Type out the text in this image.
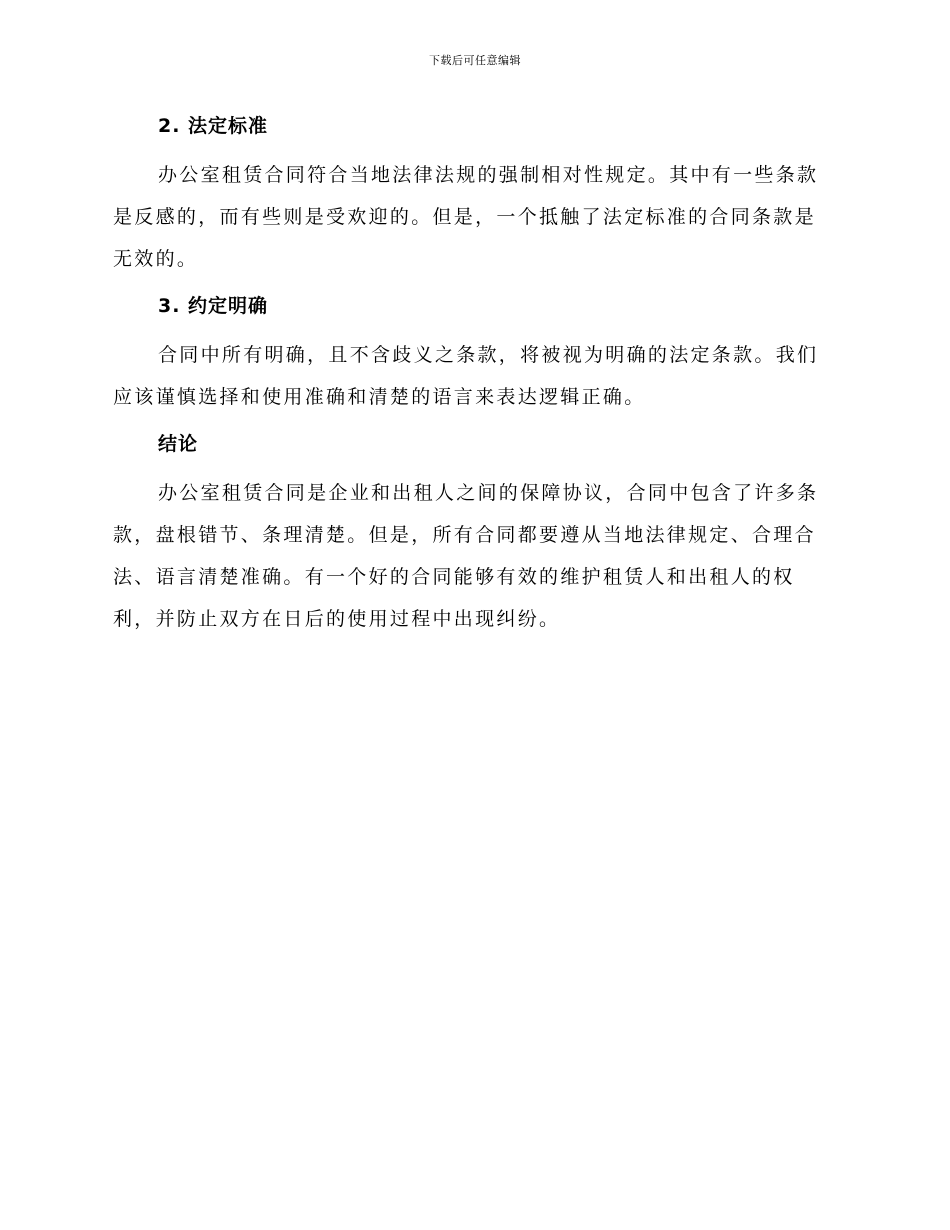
下载后可任意编辑
2. 法定标准
办公室租赁合同符合当地法律法规的强制相对性规定。其中有一些条款
是反感的，而有些则是受欢迎的。但是，一个抵触了法定标准的合同条款是
无效的。
3. 约定明确
合同中所有明确，且不含歧义之条款，将被视为明确的法定条款。我们
应该谨慎选择和使用准确和清楚的语言来表达逻辑正确。
结论
办公室租赁合同是企业和出租人之间的保障协议，合同中包含了许多条
款，盘根错节、条理清楚。但是，所有合同都要遵从当地法律规定、合理合
法、语言清楚准确。有一个好的合同能够有效的维护租赁人和出租人的权
利，并防止双方在日后的使用过程中出现纠纷。
